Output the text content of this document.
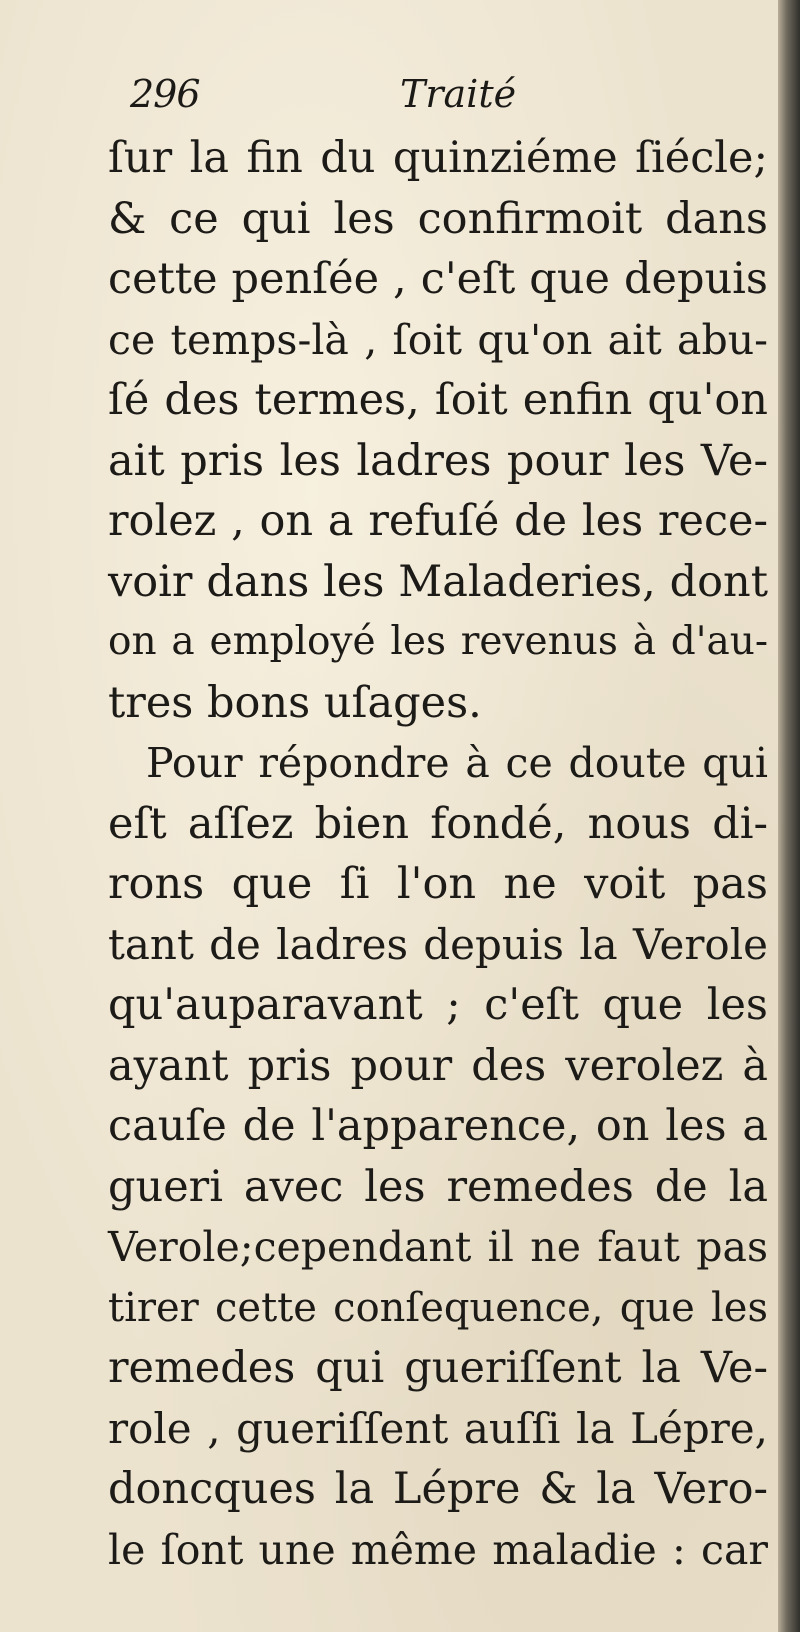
296	Traité
ſur la fin du quinziéme ſiécle;
& ce qui les confirmoit dans
cette penſée , c'eſt que depuis
ce temps-là , ſoit qu'on ait abu-
ſé des termes, ſoit enfin qu'on
ait pris les ladres pour les Ve-
rolez , on a refuſé de les rece-
voir dans les Maladeries, dont
on a employé les revenus à d'au-
tres bons uſages.
Pour répondre à ce doute qui
eſt aſſez bien fondé, nous di-
rons que ſi l'on ne voit pas
tant de ladres depuis la Verole
qu'auparavant ; c'eſt que les
ayant pris pour des verolez à
cauſe de l'apparence, on les a
gueri avec les remedes de la
Verole;cependant il ne faut pas
tirer cette conſequence, que les
remedes qui gueriſſent la Ve-
role , gueriſſent auſſi la Lépre,
doncques la Lépre & la Vero-
le ſont une même maladie : car
